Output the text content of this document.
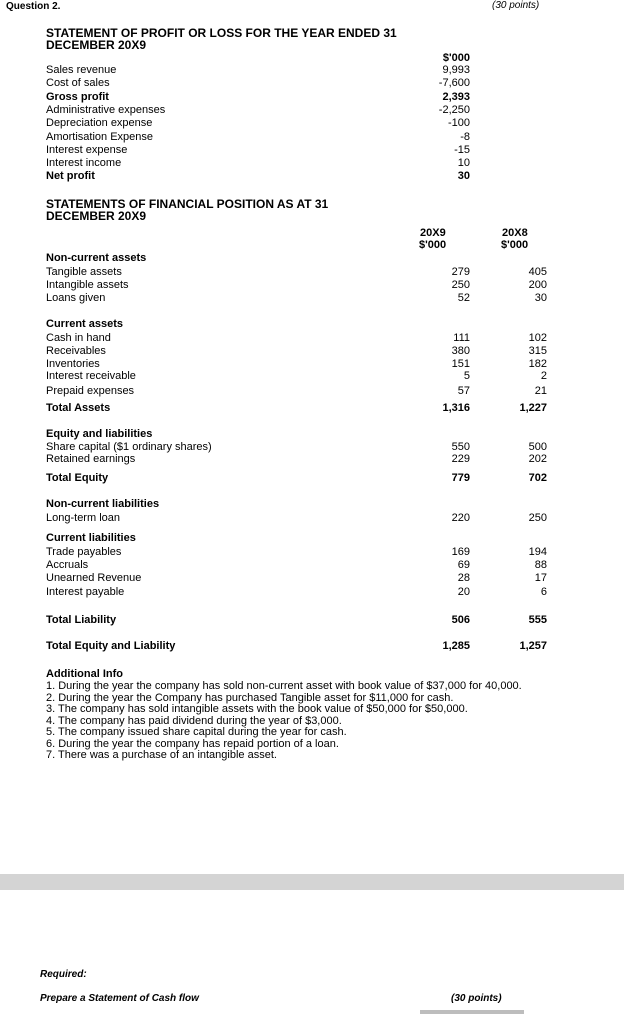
Question 2.	(30 points)
STATEMENT OF PROFIT OR LOSS FOR THE YEAR ENDED 31
DECEMBER 20X9
$'000
Sales revenue	9,993
Cost of sales	-7,600
Gross profit	2,393
Administrative expenses	-2,250
Depreciation expense	-100
Amortisation Expense	-8
Interest expense	-15
Interest income	10
Net profit	30
STATEMENTS OF FINANCIAL POSITION AS AT 31
DECEMBER 20X9
20X9
$'000
20X8
$'000
Non-current assets
Tangible assets	279	405
Intangible assets	250	200
Loans given	52	30
Current assets
Cash in hand	111	102
Receivables	380	315
Inventories	151	182
Interest receivable	5	2
Prepaid expenses	57	21
Total Assets	1,316	1,227
Equity and liabilities
Share capital ($1 ordinary shares)	550	500
Retained earnings	229	202
Total Equity	779	702
Non-current liabilities
Long-term loan	220	250
Current liabilities
Trade payables	169	194
Accruals	69	88
Unearned Revenue	28	17
Interest payable	20	6
Total Liability	506	555
Total Equity and Liability	1,285	1,257
Additional Info
1. During the year the company has sold non-current asset with book value of $37,000 for 40,000.
2. During the year the Company has purchased Tangible asset for $11,000 for cash.
3. The company has sold intangible assets with the book value of $50,000 for $50,000.
4. The company has paid dividend during the year of $3,000.
5. The company issued share capital during the year for cash.
6. During the year the company has repaid portion of a loan.
7. There was a purchase of an intangible asset.
Required:
Prepare a Statement of Cash flow	(30 points)
